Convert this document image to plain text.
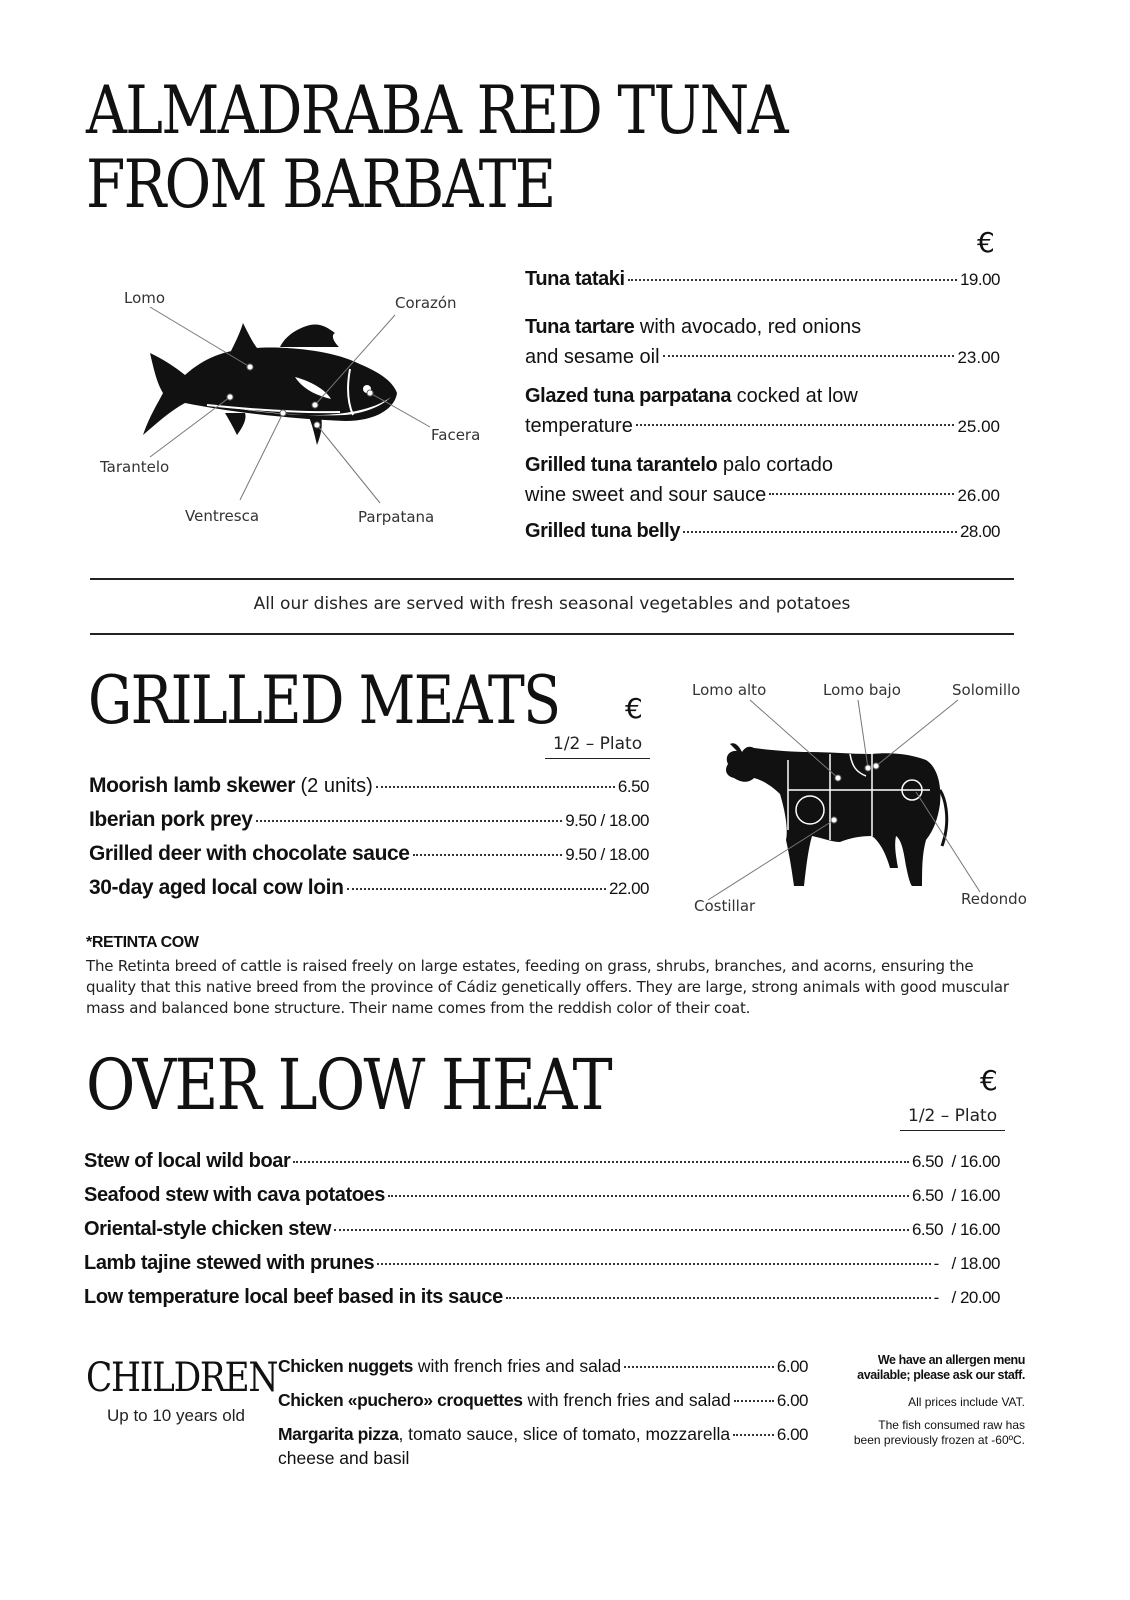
ALMADRABA RED TUNA
FROM BARBATE
€
Lomo	Corazón
Facera
Tarantelo
Ventresca	Parpatana
Tuna tataki	19.00
Tuna tartare with avocado, red onions
and sesame oil	23.00
Glazed tuna parpatana cocked at low
temperature	25.00
Grilled tuna tarantelo palo cortado
wine sweet and sour sauce	26.00
Grilled tuna belly	28.00
All our dishes are served with fresh seasonal vegetables and potatoes
GRILLED MEATS €
1/2 – Plato
Moorish lamb skewer (2 units)	6.50
Iberian pork prey	9.50 / 18.00
Grilled deer with chocolate sauce	9.50 / 18.00
30-day aged local cow loin	22.00
Lomo alto	Lomo bajo	Solomillo
Costillar	Redondo
*RETINTA COW
The Retinta breed of cattle is raised freely on large estates, feeding on grass, shrubs, branches, and acorns, ensuring the quality that this native breed from the province of Cádiz genetically offers. They are large, strong animals with good muscular mass and balanced bone structure. Their name comes from the reddish color of their coat.
OVER LOW HEAT	€
1/2 – Plato
Stew of local wild boar	6.50  / 16.00
Seafood stew with cava potatoes	6.50  / 16.00
Oriental-style chicken stew	6.50  / 16.00
Lamb tajine stewed with prunes	-   / 18.00
Low temperature local beef based in its sauce	-   / 20.00
CHILDREN
Up to 10 years old
Chicken nuggets with french fries and salad	6.00
Chicken «puchero» croquettes with french fries and salad	6.00
Margarita pizza, tomato sauce, slice of tomato, mozzarella	6.00
cheese and basil
We have an allergen menu
available; please ask our staff.
All prices include VAT.
The fish consumed raw has
been previously frozen at -60ºC.
